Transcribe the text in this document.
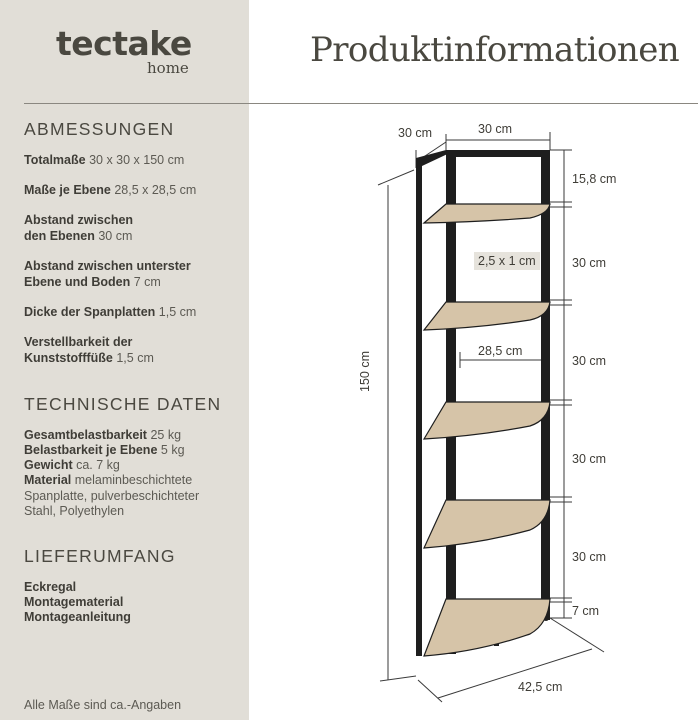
tectake
home
ABMESSUNGEN
Totalmaße 30 x 30 x 150 cm
Maße je Ebene 28,5 x 28,5 cm
Abstand zwischen den Ebenen 30 cm
Abstand zwischen unterster Ebene und Boden 7 cm
Dicke der Spanplatten 1,5 cm
Verstellbarkeit der Kunststofffüße 1,5 cm
TECHNISCHE DATEN
Gesamtbelastbarkeit 25 kg
Belastbarkeit je Ebene 5 kg
Gewicht ca. 7 kg
Material melaminbeschichtete Spanplatte, pulverbeschichteter Stahl, Polyethylen
LIEFERUMFANG
Eckregal
Montagematerial
Montageanleitung
Alle Maße sind ca.-Angaben
Produktinformationen
30 cm	30 cm
15,8 cm
2,5 x 1 cm	30 cm
28,5 cm
30 cm
30 cm
30 cm
7 cm
42,5 cm
150 cm
